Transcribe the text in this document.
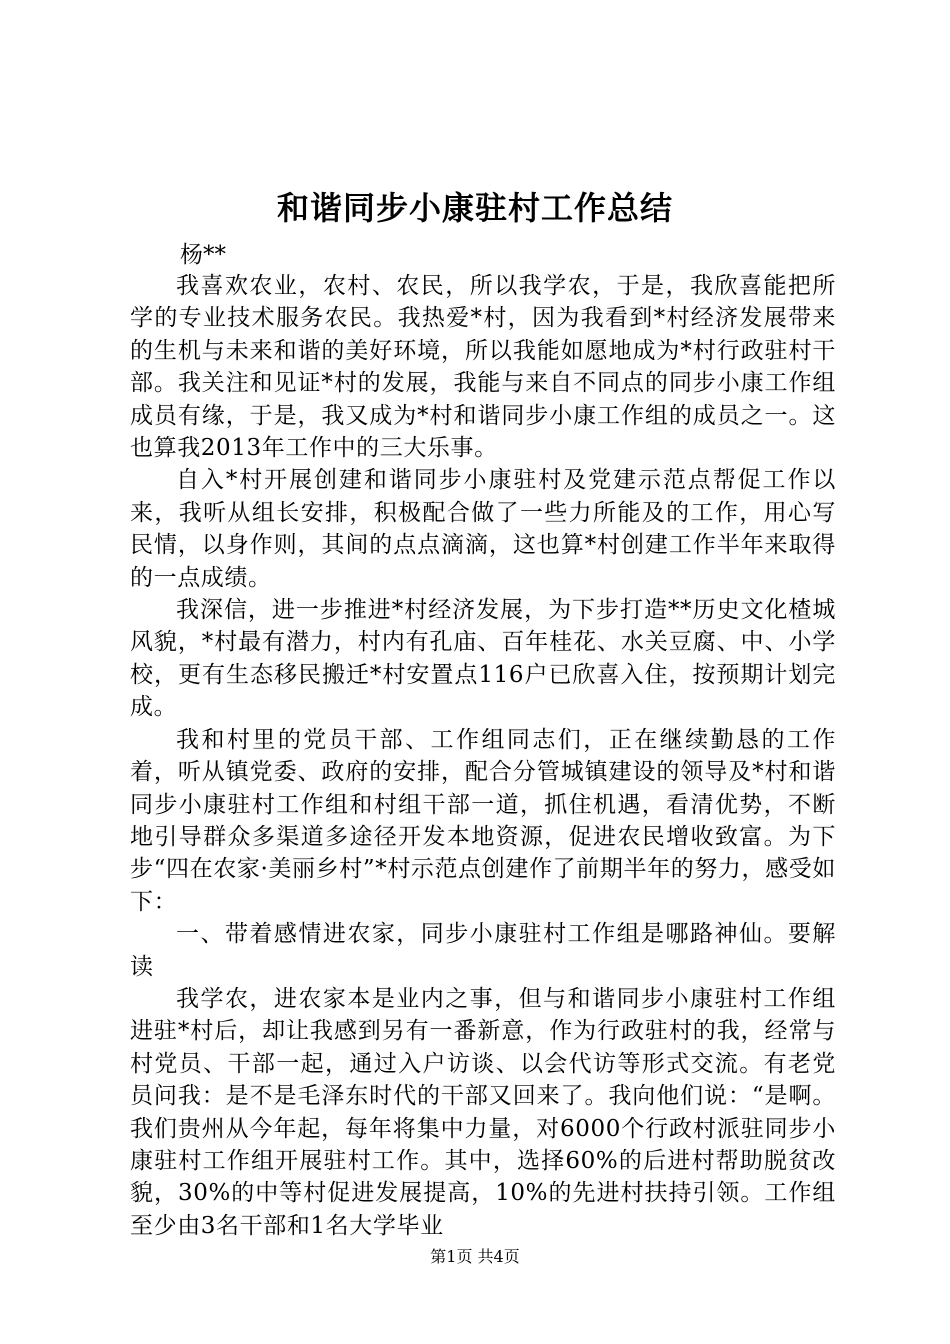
和谐同步小康驻村工作总结

杨**

我喜欢农业，农村、农民，所以我学农，于是，我欣喜能把所学的专业技术服务农民。我热爱*村，因为我看到*村经济发展带来的生机与未来和谐的美好环境，所以我能如愿地成为*村行政驻村干部。我关注和见证*村的发展，我能与来自不同点的同步小康工作组成员有缘，于是，我又成为*村和谐同步小康工作组的成员之一。这也算我2013年工作中的三大乐事。

自入*村开展创建和谐同步小康驻村及党建示范点帮促工作以来，我听从组长安排，积极配合做了一些力所能及的工作，用心写民情，以身作则，其间的点点滴滴，这也算*村创建工作半年来取得的一点成绩。

我深信，进一步推进*村经济发展，为下步打造**历史文化楂城风貌，*村最有潜力，村内有孔庙、百年桂花、水关豆腐、中、小学校，更有生态移民搬迁*村安置点116户已欣喜入住，按预期计划完成。

我和村里的党员干部、工作组同志们，正在继续勤恳的工作着，听从镇党委、政府的安排，配合分管城镇建设的领导及*村和谐同步小康驻村工作组和村组干部一道，抓住机遇，看清优势，不断地引导群众多渠道多途径开发本地资源，促进农民增收致富。为下步“四在农家·美丽乡村”*村示范点创建作了前期半年的努力，感受如下：

一、带着感情进农家，同步小康驻村工作组是哪路神仙。要解读

我学农，进农家本是业内之事，但与和谐同步小康驻村工作组进驻*村后，却让我感到另有一番新意，作为行政驻村的我，经常与村党员、干部一起，通过入户访谈、以会代访等形式交流。有老党员问我：是不是毛泽东时代的干部又回来了。我向他们说：“是啊。我们贵州从今年起，每年将集中力量，对6000个行政村派驻同步小康驻村工作组开展驻村工作。其中，选择60%的后进村帮助脱贫改貌，30%的中等村促进发展提高，10%的先进村扶持引领。工作组至少由3名干部和1名大学毕业

第1页 共4页
